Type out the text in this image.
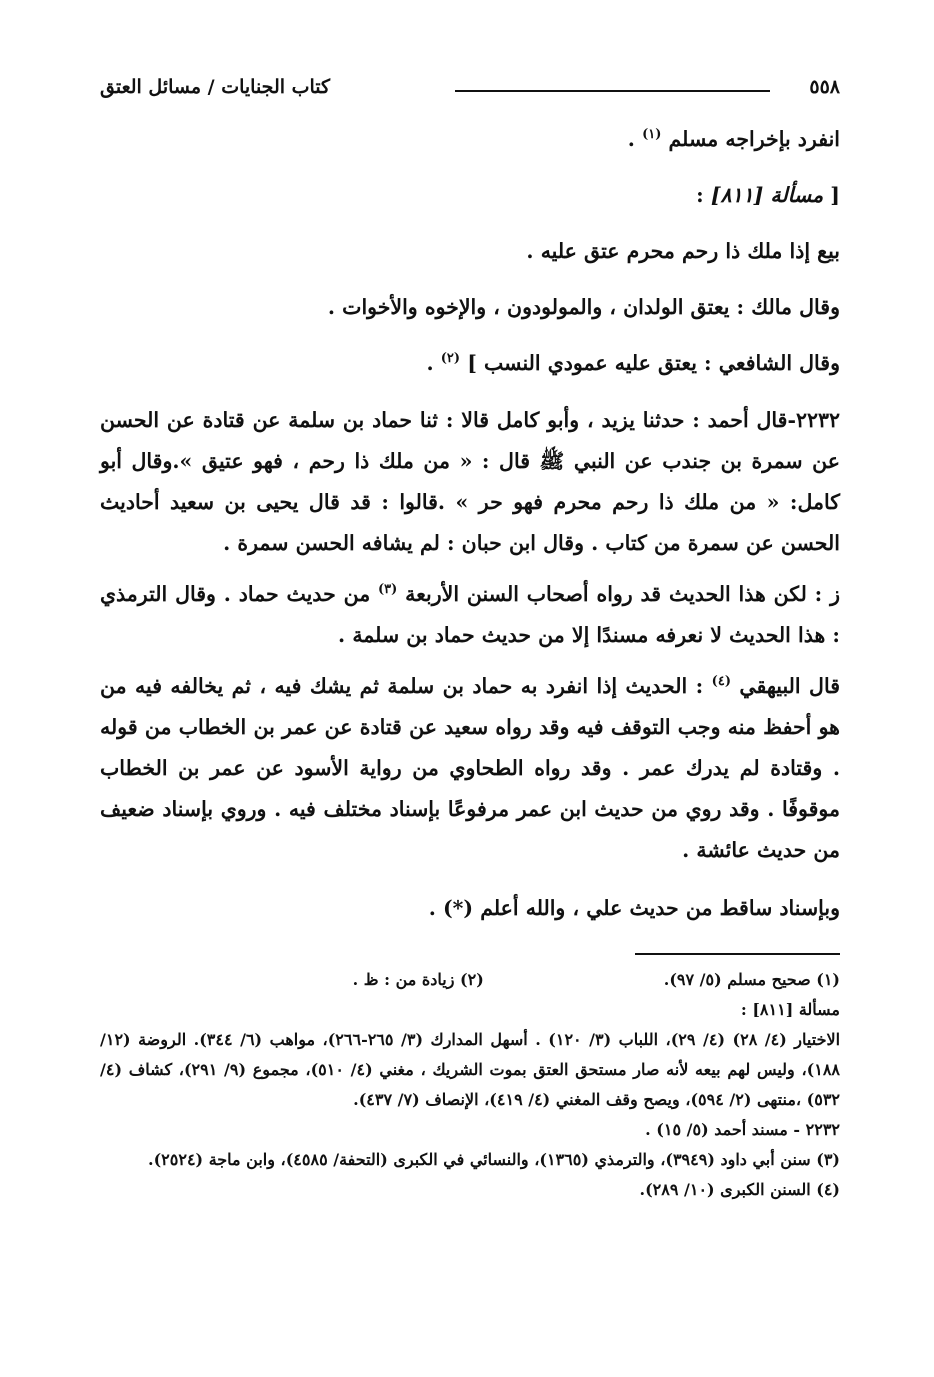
٥٥٨
كتاب الجنايات / مسائل العتق

انفرد بإخراجه مسلم $^{(١)}$ .

[ مسألة [٨١١] :

بيع إذا ملك ذا رحم محرم عتق عليه .

وقال مالك : يعتق الولدان ، والمولودون ، والإخوه والأخوات .

وقال الشافعي : يعتق عليه عمودي النسب ] $^{(٢)}$ .

٢٢٣٢-قال أحمد : حدثنا يزيد ، وأبو كامل قالا : ثنا حماد بن سلمة عن قتادة عن الحسن عن سمرة بن جندب عن النبي ﷺ قال : « من ملك ذا رحم ، فهو عتيق ».وقال أبو كامل: « من ملك ذا رحم محرم فهو حر » .قالوا : قد قال يحيى بن سعيد أحاديث الحسن عن سمرة من كتاب . وقال ابن حبان : لم يشافه الحسن سمرة .

ز : لكن هذا الحديث قد رواه أصحاب السنن الأربعة $^{(٣)}$ من حديث حماد . وقال الترمذي : هذا الحديث لا نعرفه مسندًا إلا من حديث حماد بن سلمة .

قال البيهقي $^{(٤)}$ : الحديث إذا انفرد به حماد بن سلمة ثم يشك فيه ، ثم يخالفه فيه من هو أحفظ منه وجب التوقف فيه وقد رواه سعيد عن قتادة عن عمر بن الخطاب من قوله . وقتادة لم يدرك عمر . وقد رواه الطحاوي من رواية الأسود عن عمر بن الخطاب موقوفًا . وقد روي من حديث ابن عمر مرفوعًا بإسناد مختلف فيه . وروي بإسناد ضعيف من حديث عائشة .

وبإسناد ساقط من حديث علي ، والله أعلم (*) .

(١) صحيح مسلم (٥/ ٩٧).
(٢) زيادة من : ظ .

مسألة [٨١١] :

الاختيار (٤/ ٢٨) (٤/ ٢٩)، اللباب (٣/ ١٢٠) . أسهل المدارك (٣/ ٢٦٥-٢٦٦)، مواهب (٦/ ٣٤٤). الروضة (١٢/ ١٨٨)، وليس لهم بيعه لأنه صار مستحق العتق بموت الشريك ، مغني (٤/ ٥١٠)، مجموع (٩/ ٢٩١)، كشاف (٤/ ٥٣٢) ،منتهى (٢/ ٥٩٤)، ويصح وقف المغني (٤/ ٤١٩)، الإنصاف (٧/ ٤٣٧).

٢٢٣٢ - مسند أحمد (٥/ ١٥) .

(٣) سنن أبي داود (٣٩٤٩)، والترمذي (١٣٦٥)، والنسائي في الكبرى (التحفة/ ٤٥٨٥)، وابن ماجة (٢٥٢٤).

(٤) السنن الكبرى (١٠/ ٢٨٩).
